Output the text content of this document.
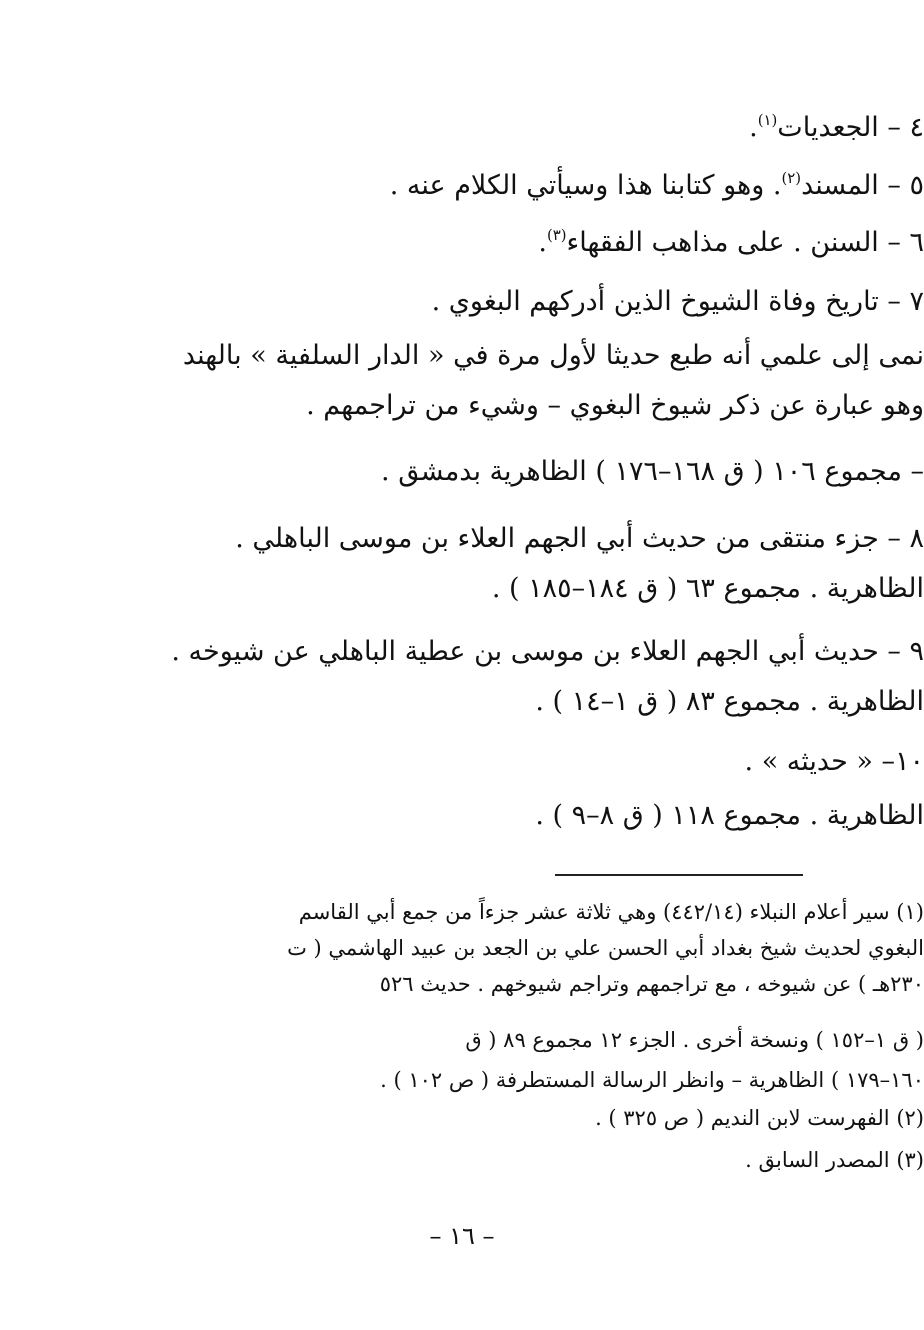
٤ – الجعديات$^{(١)}$.
٥ – المسند$^{(٢)}$. وهو كتابنا هذا وسيأتي الكلام عنه .
٦ – السنن . على مذاهب الفقهاء$^{(٣)}$.
٧ – تاريخ وفاة الشيوخ الذين أدركهم البغوي .
نمى إلى علمي أنه طبع حديثا لأول مرة في « الدار السلفية » بالهند
وهو عبارة عن ذكر شيوخ البغوي – وشيء من تراجمهم .
– مجموع ١٠٦ ( ق ١٦٨–١٧٦ ) الظاهرية بدمشق .
٨ – جزء منتقى من حديث أبي الجهم العلاء بن موسى الباهلي .
الظاهرية . مجموع ٦٣ ( ق ١٨٤–١٨٥ ) .
٩ – حديث أبي الجهم العلاء بن موسى بن عطية الباهلي عن شيوخه .
الظاهرية . مجموع ٨٣ ( ق ١–١٤ ) .
١٠– « حديثه » .
الظاهرية . مجموع ١١٨ ( ق ٨–٩ ) .
(١) سير أعلام النبلاء (٤٤٢/١٤) وهي ثلاثة عشر جزءاً من جمع أبي القاسم
البغوي لحديث شيخ بغداد أبي الحسن علي بن الجعد بن عبيد الهاشمي ( ت
٢٣٠هـ ) عن شيوخه ، مع تراجمهم وتراجم شيوخهم . حديث ٥٢٦
( ق ١–١٥٢ ) ونسخة أخرى . الجزء ١٢ مجموع ٨٩ ( ق
١٦٠–١٧٩ ) الظاهرية – وانظر الرسالة المستطرفة ( ص ١٠٢ ) .
(٢) الفهرست لابن النديم ( ص ٣٢٥ ) .
(٣) المصدر السابق .
– ١٦ –
